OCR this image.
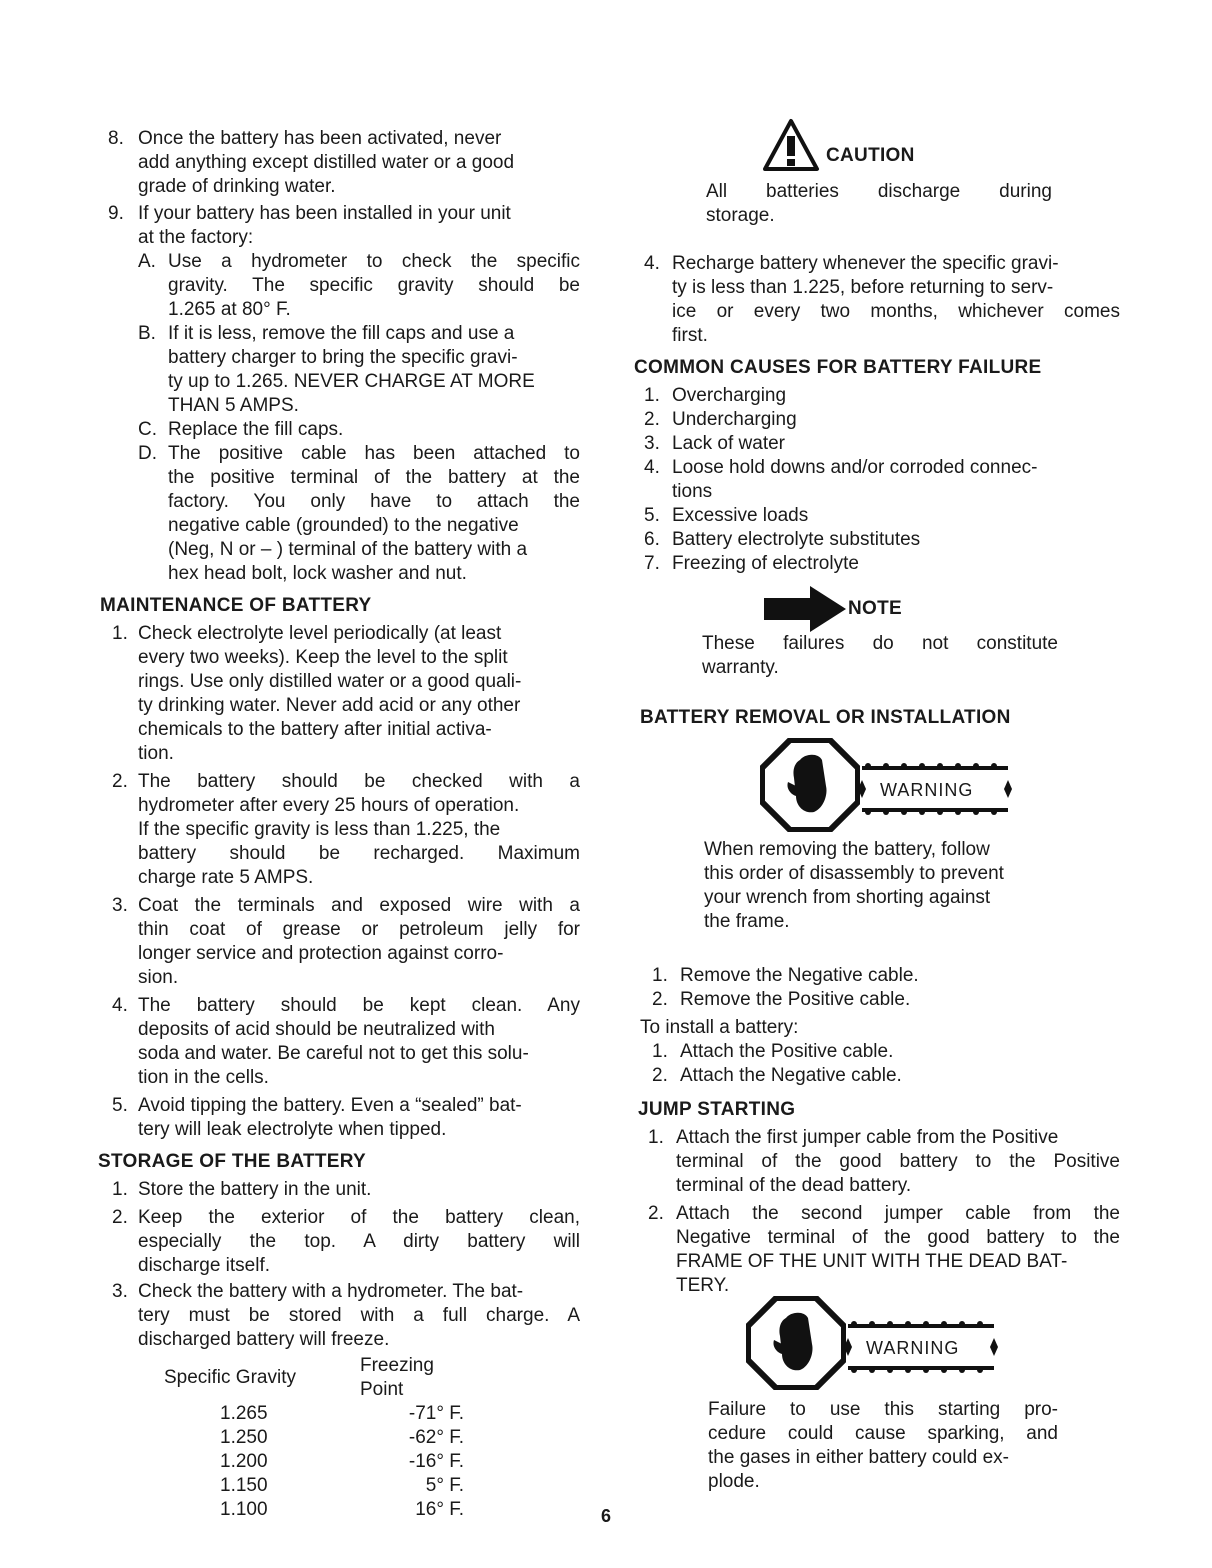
8. Once the battery has been activated, never
add anything except distilled water or a good
grade of drinking water.
9. If your battery has been installed in your unit
at the factory:
A. Use a hydrometer to check the specific
gravity. The specific gravity should be
1.265 at 80° F.
B. If it is less, remove the fill caps and use a
battery charger to bring the specific gravi-
ty up to 1.265. NEVER CHARGE AT MORE
THAN 5 AMPS.
C. Replace the fill caps.
D. The positive cable has been attached to
the positive terminal of the battery at the
factory. You only have to attach the
negative cable (grounded) to the negative
(Neg, N or – ) terminal of the battery with a
hex head bolt, lock washer and nut.
MAINTENANCE OF BATTERY
1. Check electrolyte level periodically (at least
every two weeks). Keep the level to the split
rings. Use only distilled water or a good quali-
ty drinking water. Never add acid or any other
chemicals to the battery after initial activa-
tion.
2. The battery should be checked with a
hydrometer after every 25 hours of operation.
If the specific gravity is less than 1.225, the
battery should be recharged. Maximum
charge rate 5 AMPS.
3. Coat the terminals and exposed wire with a
thin coat of grease or petroleum jelly for
longer service and protection against corro-
sion.
4. The battery should be kept clean. Any
deposits of acid should be neutralized with
soda and water. Be careful not to get this solu-
tion in the cells.
5. Avoid tipping the battery. Even a “sealed” bat-
tery will leak electrolyte when tipped.
STORAGE OF THE BATTERY
1. Store the battery in the unit.
2. Keep the exterior of the battery clean,
especially the top. A dirty battery will
discharge itself.
3. Check the battery with a hydrometer. The bat-
tery must be stored with a full charge. A
discharged battery will freeze.
Specific Gravity	Freezing Point
1.265	-71° F.
1.250	-62° F.
1.200	-16° F.
1.150	5° F.
1.100	16° F.
CAUTION
All batteries discharge during
storage.
4. Recharge battery whenever the specific gravi-
ty is less than 1.225, before returning to serv-
ice or every two months, whichever comes
first.
COMMON CAUSES FOR BATTERY FAILURE
1. Overcharging
2. Undercharging
3. Lack of water
4. Loose hold downs and/or corroded connec-
tions
5. Excessive loads
6. Battery electrolyte substitutes
7. Freezing of electrolyte
NOTE
These failures do not constitute
warranty.
BATTERY REMOVAL OR INSTALLATION
WARNING
When removing the battery, follow
this order of disassembly to prevent
your wrench from shorting against
the frame.
1. Remove the Negative cable.
2. Remove the Positive cable.
To install a battery:
1. Attach the Positive cable.
2. Attach the Negative cable.
JUMP STARTING
1. Attach the first jumper cable from the Positive
terminal of the good battery to the Positive
terminal of the dead battery.
2. Attach the second jumper cable from the
Negative terminal of the good battery to the
FRAME OF THE UNIT WITH THE DEAD BAT-
TERY.
WARNING
Failure to use this starting pro-
cedure could cause sparking, and
the gases in either battery could ex-
plode.
6
